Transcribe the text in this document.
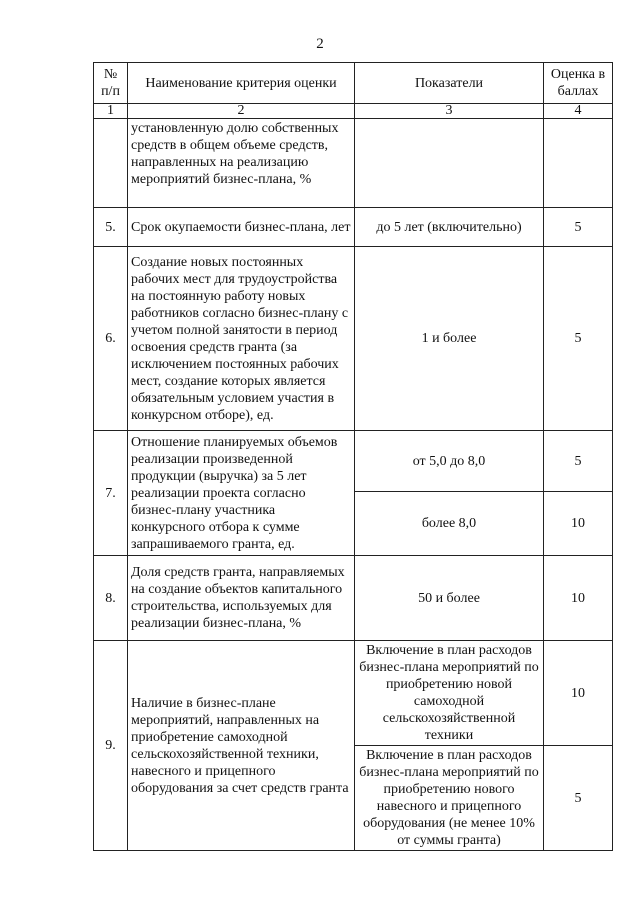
2
№ п/п	Наименование критерия оценки	Показатели	Оценка в баллах
1	2	3	4
	установленную долю собственных средств в общем объеме средств, направленных на реализацию мероприятий бизнес-плана, %		
5.	Срок окупаемости бизнес-плана, лет	до 5 лет (включительно)	5
6.	Создание новых постоянных рабочих мест для трудоустройства на постоянную работу новых работников согласно бизнес-плану с учетом полной занятости в период освоения средств гранта (за исключением постоянных рабочих мест, создание которых является обязательным условием участия в конкурсном отборе), ед.	1 и более	5
7.	Отношение планируемых объемов реализации произведенной продукции (выручка) за 5 лет реализации проекта согласно бизнес-плану участника конкурсного отбора к сумме запрашиваемого гранта, ед.	от 5,0 до 8,0	5
		более 8,0	10
8.	Доля средств гранта, направляемых на создание объектов капитального строительства, используемых для реализации бизнес-плана, %	50 и более	10
9.	Наличие в бизнес-плане мероприятий, направленных на приобретение самоходной сельскохозяйственной техники, навесного и прицепного оборудования за счет средств гранта	Включение в план расходов бизнес-плана мероприятий по приобретению новой самоходной сельскохозяйственной техники	10
		Включение в план расходов бизнес-плана мероприятий по приобретению нового навесного и прицепного оборудования (не менее 10% от суммы гранта)	5
